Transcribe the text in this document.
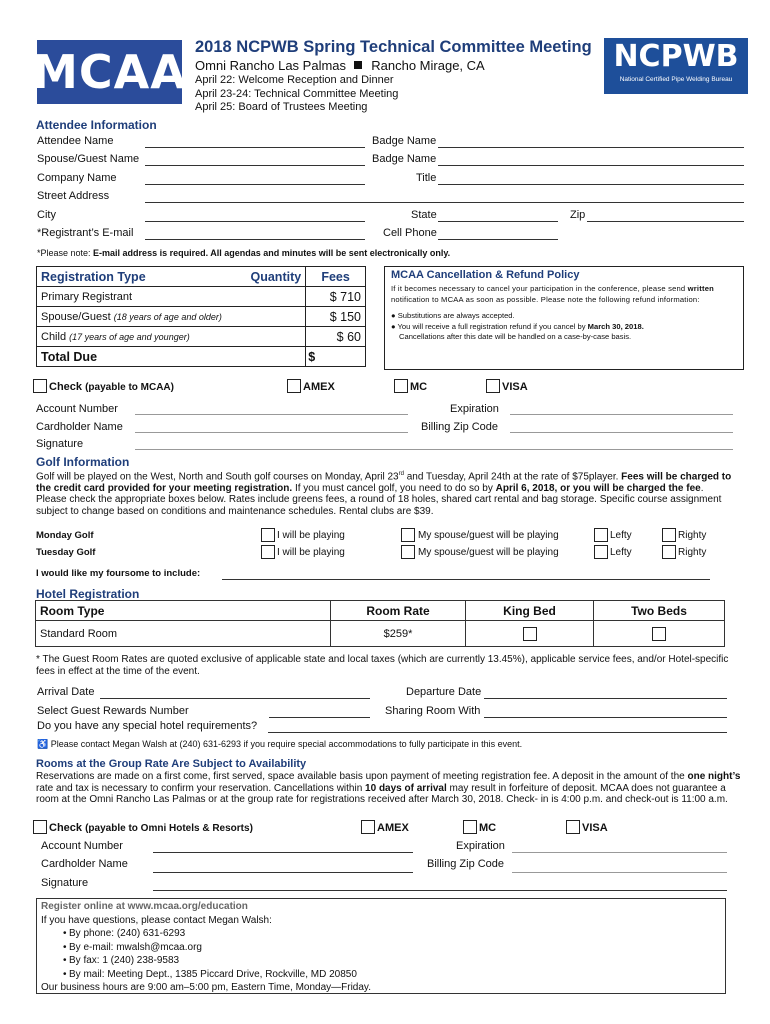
MCAA	NCPWB
National Certified Pipe Welding Bureau
2018 NCPWB Spring Technical Committee Meeting
Omni Rancho Las Palmas Rancho Mirage, CA
April 22: Welcome Reception and Dinner
April 23-24: Technical Committee Meeting
April 25: Board of Trustees Meeting
Attendee Information
Attendee Name	Badge Name
Spouse/Guest Name	Badge Name
Company Name	Title
Street Address
City	State	Zip
*Registrant’s E-mail	Cell Phone
*Please note: E-mail address is required. All agendas and minutes will be sent electronically only.
Registration Type	Quantity	Fees
Primary Registrant		$ 710
Spouse/Guest (18 years of age and older)		$ 150
Child (17 years of age and younger)		$ 60
Total Due		$
MCAA Cancellation & Refund Policy
If it becomes necessary to cancel your participation in the conference, please send written notification to MCAA as soon as possible. Please note the following refund information:
● Substitutions are always accepted.
● You will receive a full registration refund if you cancel by March 30, 2018.
Cancellations after this date will be handled on a case-by-case basis.
Check (payable to MCAA)	AMEX	MC	VISA
Account Number	Expiration
Cardholder Name	Billing Zip Code
Signature
Golf Information
Golf will be played on the West, North and South golf courses on Monday, April 23rd and Tuesday, April 24th at the rate of $75player. Fees will be charged to the credit card provided for your meeting registration. If you must cancel golf, you need to do so by April 6, 2018, or you will be charged the fee. Please check the appropriate boxes below. Rates include greens fees, a round of 18 holes, shared cart rental and bag storage. Specific course assignment subject to change based on conditions and maintenance schedules. Rental clubs are $39.
Monday Golf	I will be playing	My spouse/guest will be playing	Lefty	Righty
Tuesday Golf	I will be playing	My spouse/guest will be playing	Lefty	Righty
I would like my foursome to include:
Hotel Registration
Room Type	Room Rate	King Bed	Two Beds
Standard Room	$259*		
* The Guest Room Rates are quoted exclusive of applicable state and local taxes (which are currently 13.45%), applicable service fees, and/or Hotel-specific fees in effect at the time of the event.
Arrival Date	Departure Date
Select Guest Rewards Number	Sharing Room With
Do you have any special hotel requirements?
♿ Please contact Megan Walsh at (240) 631-6293 if you require special accommodations to fully participate in this event.
Rooms at the Group Rate Are Subject to Availability
Reservations are made on a first come, first served, space available basis upon payment of meeting registration fee. A deposit in the amount of the one night’s rate and tax is necessary to confirm your reservation. Cancellations within 10 days of arrival may result in forfeiture of deposit. MCAA does not guarantee a room at the Omni Rancho Las Palmas or at the group rate for registrations received after March 30, 2018. Check- in is 4:00 p.m. and check-out is 11:00 a.m.
Check (payable to Omni Hotels & Resorts)	AMEX	MC	VISA
Account Number	Expiration
Cardholder Name	Billing Zip Code
Signature
Register online at www.mcaa.org/education
If you have questions, please contact Megan Walsh:
• By phone: (240) 631-6293
• By e-mail: mwalsh@mcaa.org
• By fax: 1 (240) 238-9583
• By mail: Meeting Dept., 1385 Piccard Drive, Rockville, MD 20850
Our business hours are 9:00 am–5:00 pm, Eastern Time, Monday—Friday.
